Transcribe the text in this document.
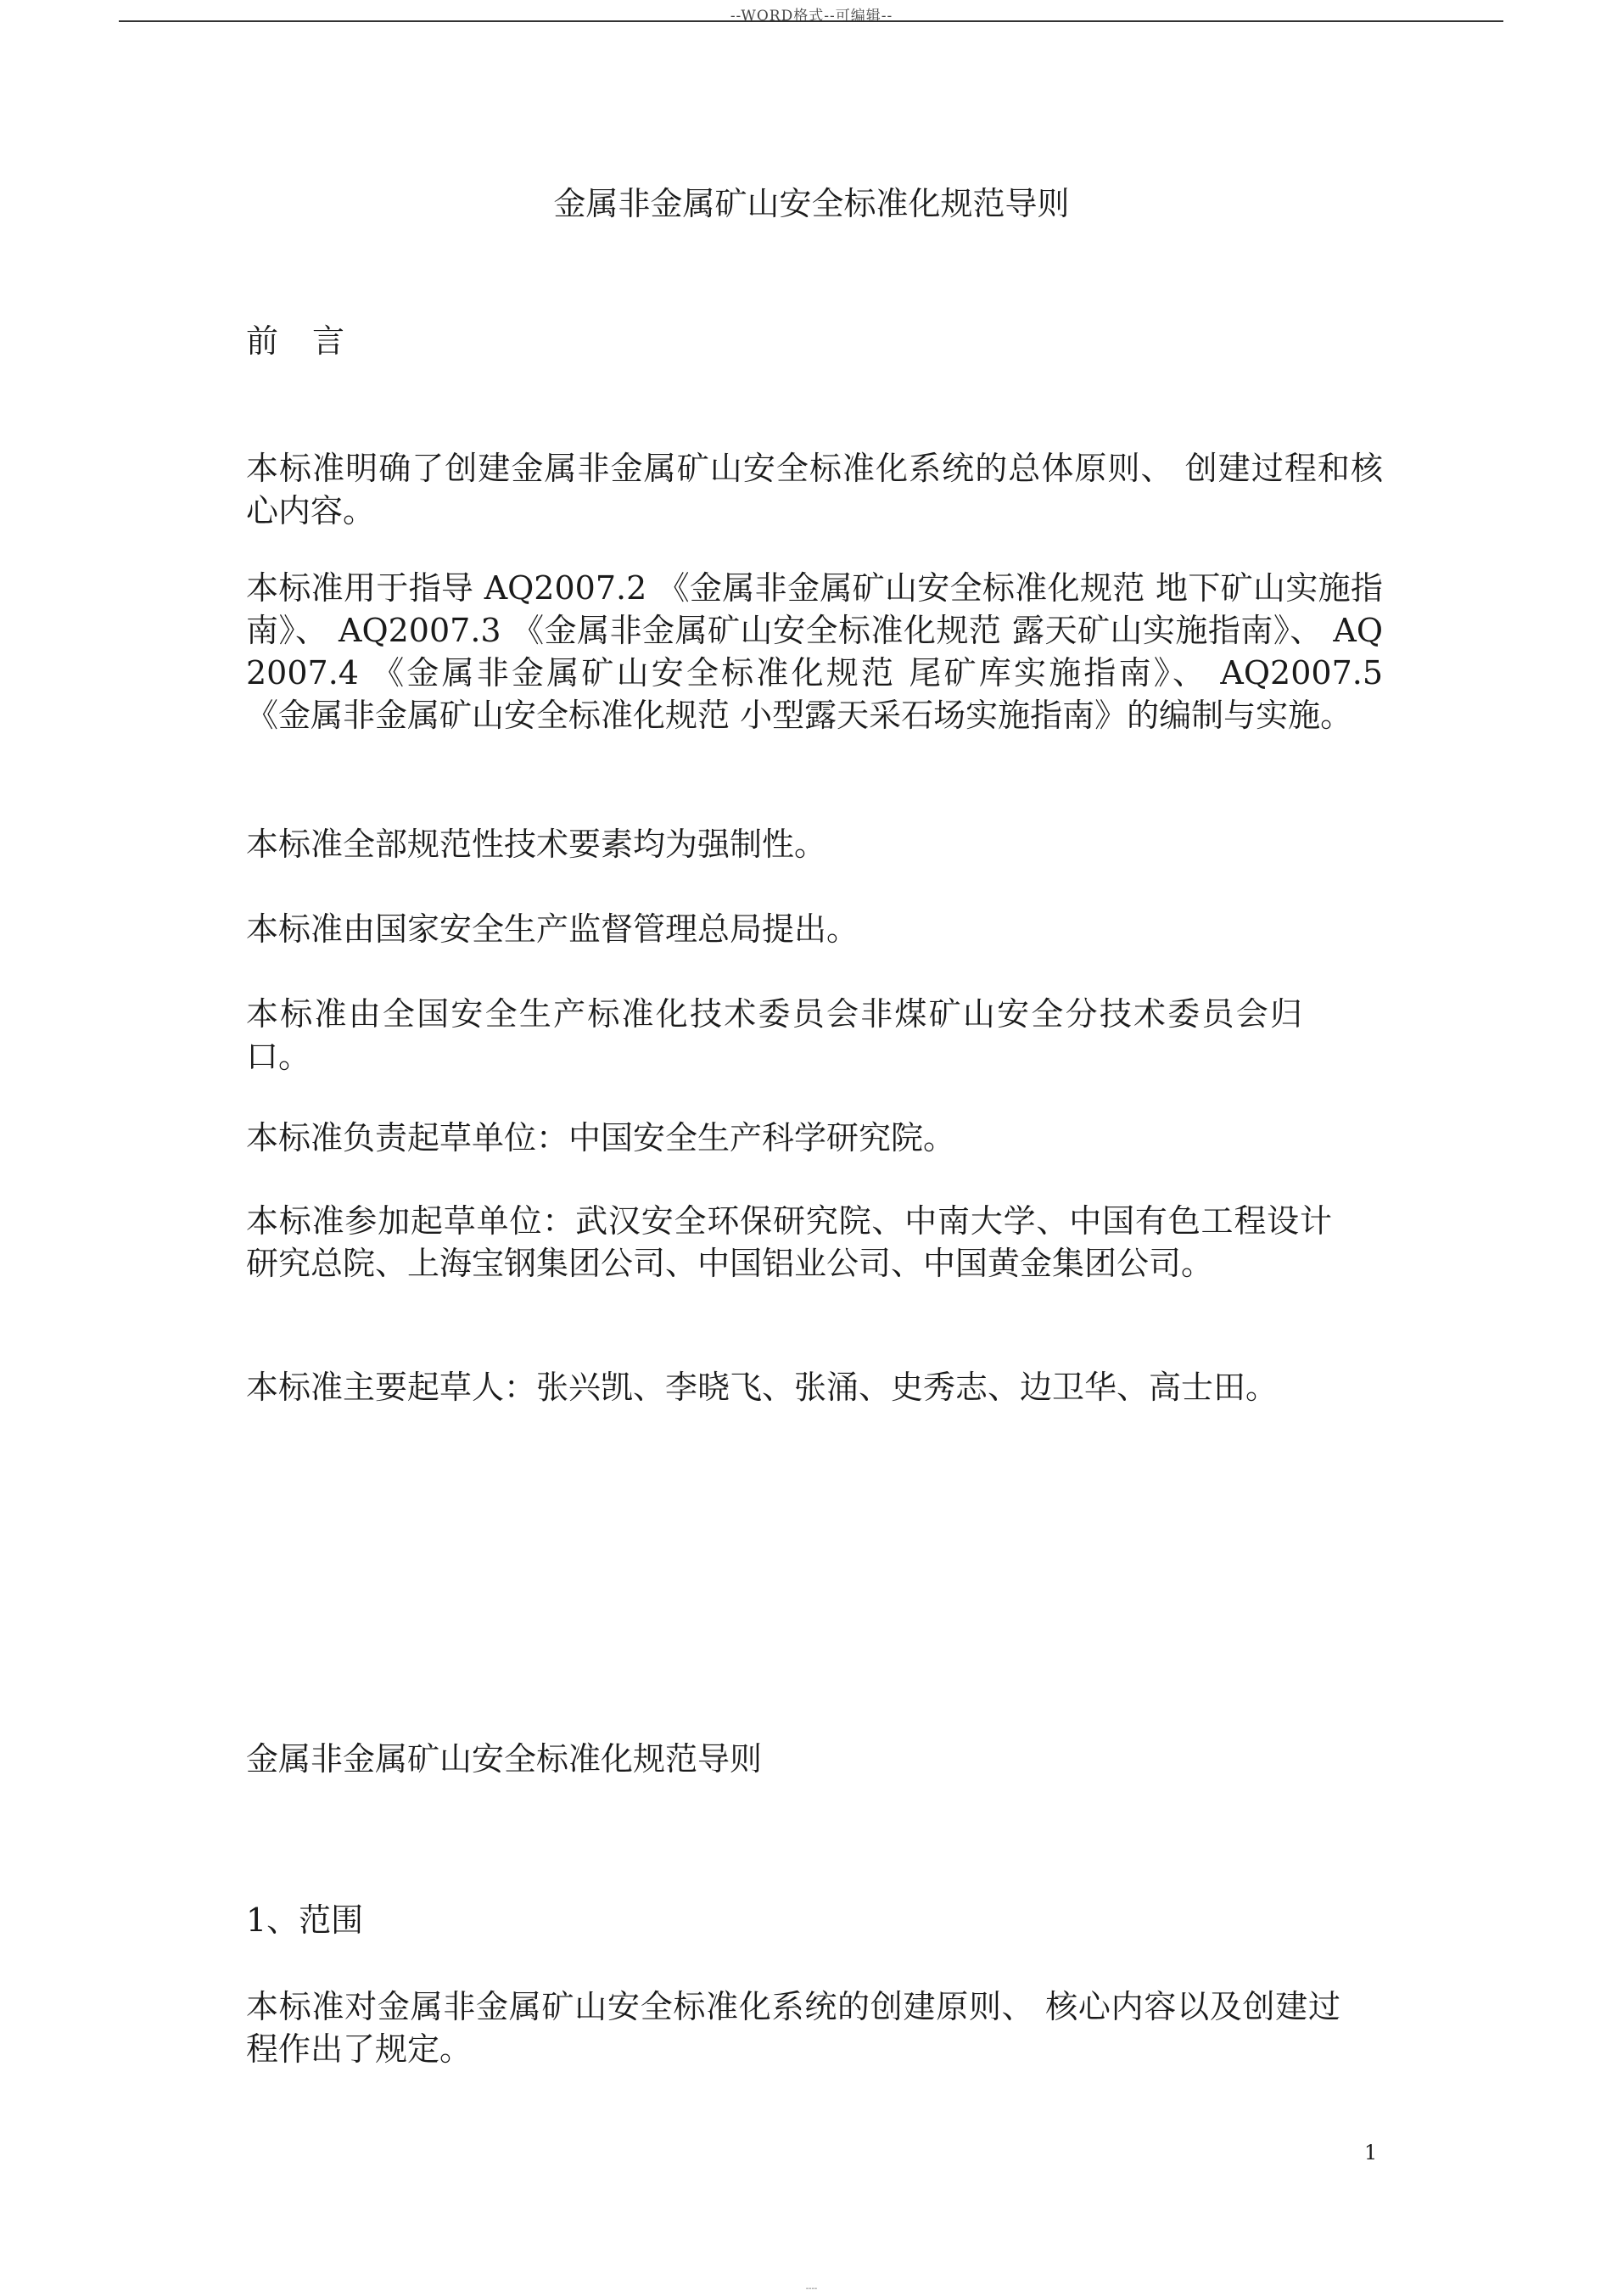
--WORD格式--可编辑--
金属非金属矿山安全标准化规范导则
前言

本标准明确了创建金属非金属矿山安全标准化系统的总体原则、 创建过程和核心内容。

本标准用于指导 AQ2007.2 《金属非金属矿山安全标准化规范 地下矿山实施指南》、 AQ2007.3 《金属非金属矿山安全标准化规范 露天矿山实施指南》、 AQ2007.4 《金属非金属矿山安全标准化规范 尾矿库实施指南》、 AQ2007.5 《金属非金属矿山安全标准化规范 小型露天采石场实施指南》的编制与实施。

本标准全部规范性技术要素均为强制性。

本标准由国家安全生产监督管理总局提出。

本标准由全国安全生产标准化技术委员会非煤矿山安全分技术委员会归口。

本标准负责起草单位：中国安全生产科学研究院。

本标准参加起草单位：武汉安全环保研究院、中南大学、中国有色工程设计研究总院、上海宝钢集团公司、中国铝业公司、中国黄金集团公司。

本标准主要起草人：张兴凯、李晓飞、张涌、史秀志、边卫华、高士田。

金属非金属矿山安全标准化规范导则
1、范围

本标准对金属非金属矿山安全标准化系统的创建原则、 核心内容以及创建过程作出了规定。

1
----
